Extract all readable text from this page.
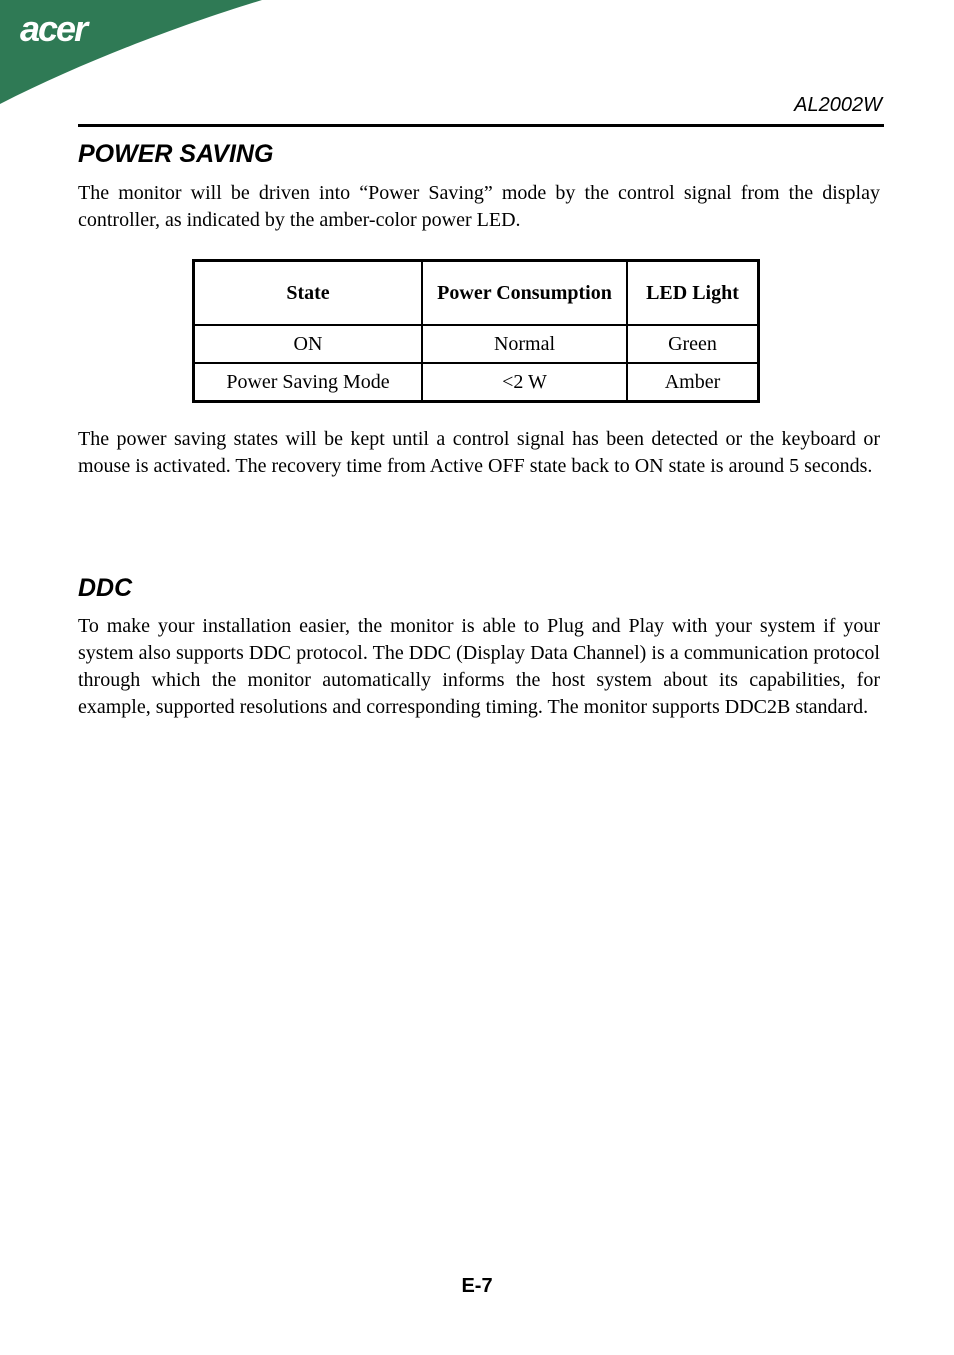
acer
AL2002W
POWER SAVING

The monitor will be driven into “Power Saving” mode by the control signal from the display controller, as indicated by the amber-color power LED.

State	Power Consumption	LED Light
ON	Normal	Green
Power Saving Mode	<2 W	Amber

The power saving states will be kept until a control signal has been detected or the keyboard or mouse is activated. The recovery time from Active OFF state back to ON state is around 5 seconds.

DDC

To make your installation easier, the monitor is able to Plug and Play with your system if your system also supports DDC protocol. The DDC (Display Data Channel) is a communication protocol through which the monitor automatically informs the host system about its capabilities, for example, supported resolutions and corresponding timing. The monitor supports DDC2B standard.

E-7
